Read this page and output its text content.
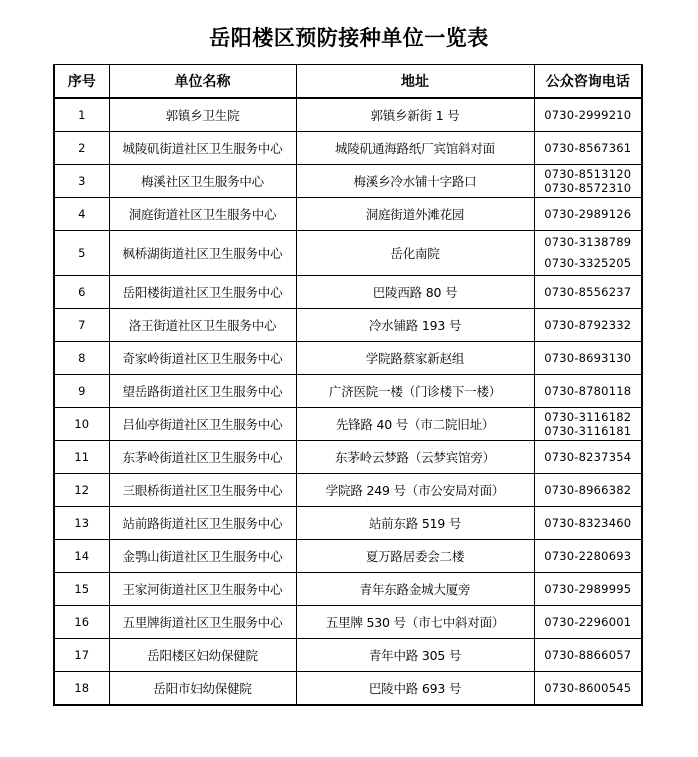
岳阳楼区预防接种单位一览表
序号	单位名称	地址	公众咨询电话
1	郭镇乡卫生院	郭镇乡新街 1 号	0730-2999210

2	城陵矶街道社区卫生服务中心	城陵矶通海路纸厂宾馆斜对面	0730-8567361

3	梅溪社区卫生服务中心	梅溪乡冷水铺十字路口	0730-8513120
0730-8572310

4	洞庭街道社区卫生服务中心	洞庭街道外滩花园	0730-2989126

5	枫桥湖街道社区卫生服务中心	岳化南院	0730-3138789
0730-3325205

6	岳阳楼街道社区卫生服务中心	巴陵西路 80 号	0730-8556237

7	洛王街道社区卫生服务中心	冷水铺路 193 号	0730-8792332

8	奇家岭街道社区卫生服务中心	学院路蔡家新赵组	0730-8693130

9	望岳路街道社区卫生服务中心	广济医院一楼（门诊楼下一楼）	0730-8780118

10	吕仙亭街道社区卫生服务中心	先锋路 40 号（市二院旧址）	0730-3116182
0730-3116181

11	东茅岭街道社区卫生服务中心	东茅岭云梦路（云梦宾馆旁）	0730-8237354

12	三眼桥街道社区卫生服务中心	学院路 249 号（市公安局对面）	0730-8966382

13	站前路街道社区卫生服务中心	站前东路 519 号	0730-8323460

14	金鹗山街道社区卫生服务中心	夏万路居委会二楼	0730-2280693

15	王家河街道社区卫生服务中心	青年东路金城大厦旁	0730-2989995

16	五里牌街道社区卫生服务中心	五里牌 530 号（市七中斜对面）	0730-2296001

17	岳阳楼区妇幼保健院	青年中路 305 号	0730-8866057

18	岳阳市妇幼保健院	巴陵中路 693 号	0730-8600545
